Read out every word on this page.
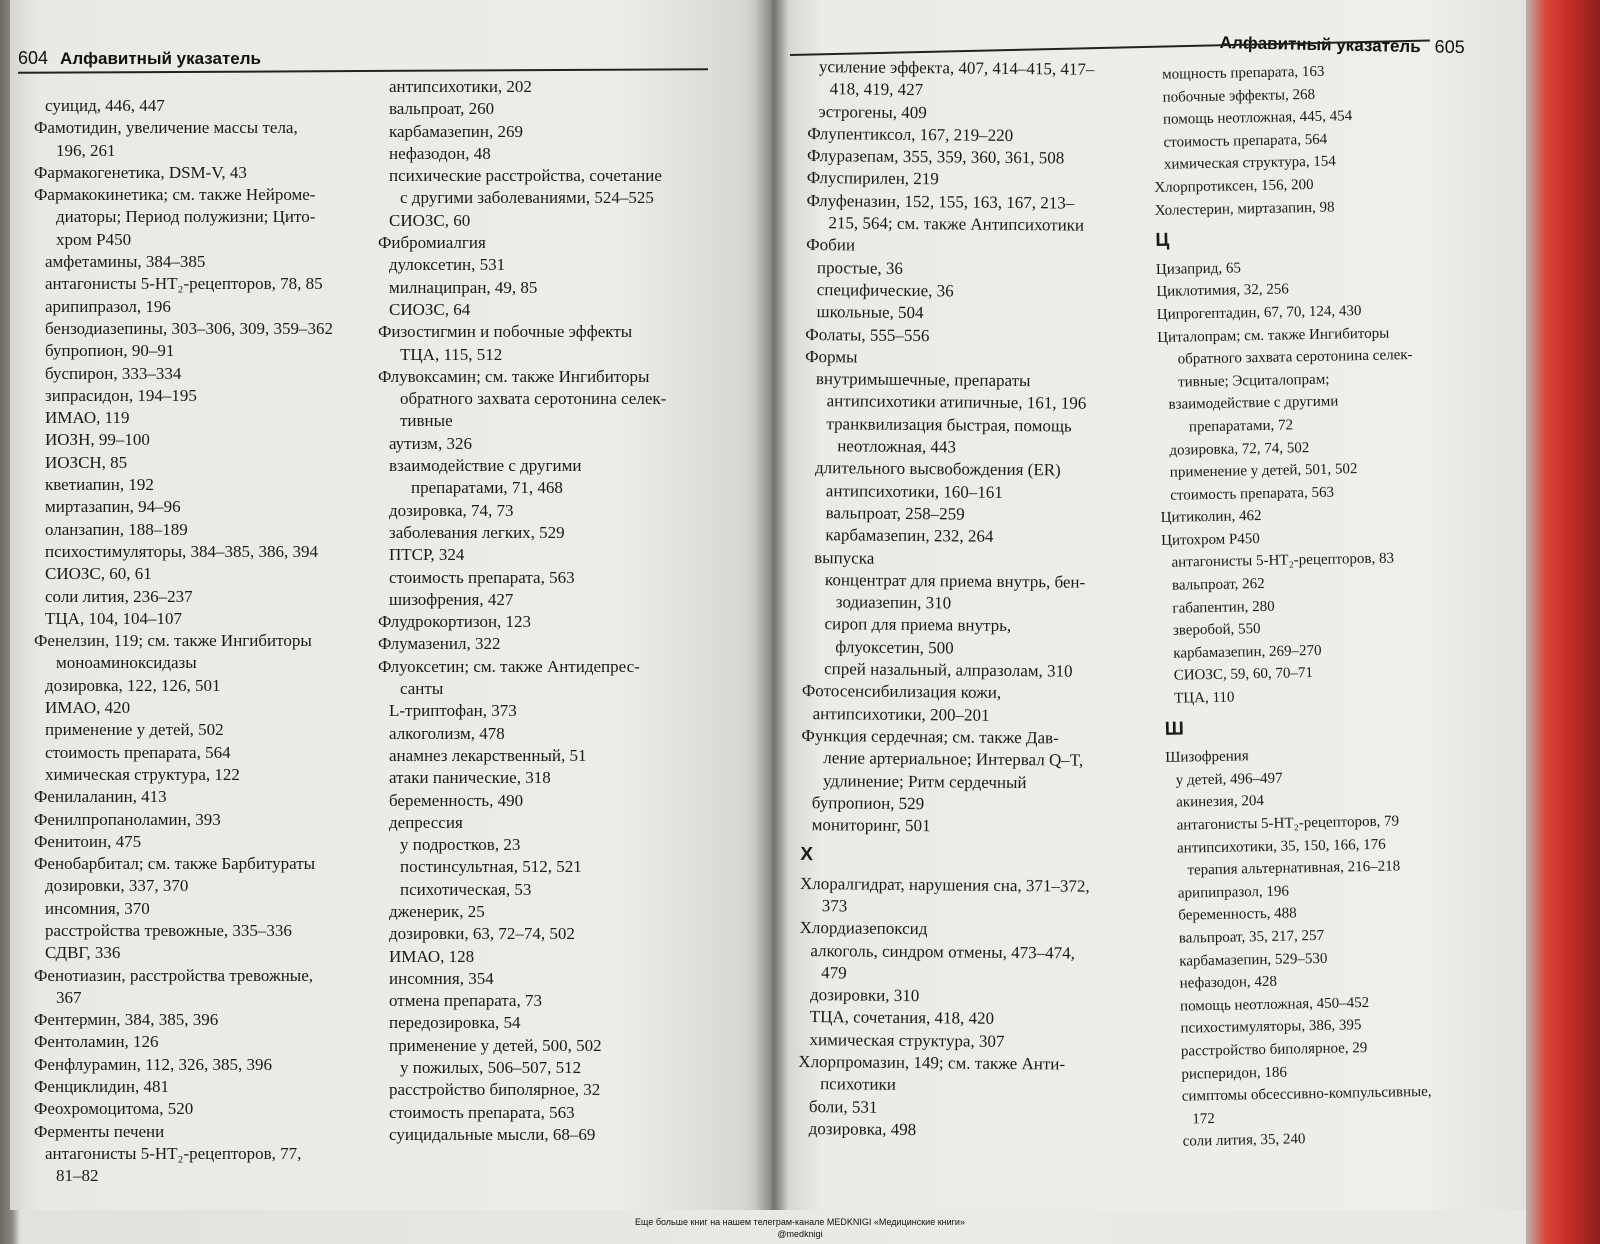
604 Алфавитный указатель
суицид, 446, 447
Фамотидин, увеличение массы тела,
196, 261
Фармакогенетика, DSM-V, 43
Фармакокинетика; см. также Нейроме-
диаторы; Период полужизни; Цито-
хром P450
амфетамины, 384–385
антагонисты 5-HT₂-рецепторов, 78, 85
арипипразол, 196
бензодиазепины, 303–306, 309, 359–362
бупропион, 90–91
буспирон, 333–334
зипрасидон, 194–195
ИМАО, 119
ИОЗН, 99–100
ИОЗСН, 85
кветиапин, 192
миртазапин, 94–96
оланзапин, 188–189
психостимуляторы, 384–385, 386, 394
СИОЗС, 60, 61
соли лития, 236–237
ТЦА, 104, 104–107
Фенелзин, 119; см. также Ингибиторы
моноаминоксидазы
дозировка, 122, 126, 501
ИМАО, 420
применение у детей, 502
стоимость препарата, 564
химическая структура, 122
Фенилаланин, 413
Фенилпропаноламин, 393
Фенитоин, 475
Фенобарбитал; см. также Барбитураты
дозировки, 337, 370
инсомния, 370
расстройства тревожные, 335–336
СДВГ, 336
Фенотиазин, расстройства тревожные,
367
Фентермин, 384, 385, 396
Фентоламин, 126
Фенфлурамин, 112, 326, 385, 396
Фенциклидин, 481
Феохромоцитома, 520
Ферменты печени
антагонисты 5-HT₂-рецепторов, 77,
81–82
антипсихотики, 202
вальпроат, 260
карбамазепин, 269
нефазодон, 48
психические расстройства, сочетание
с другими заболеваниями, 524–525
СИОЗС, 60
Фибромиалгия
дулоксетин, 531
милнаципран, 49, 85
СИОЗС, 64
Физостигмин и побочные эффекты
ТЦА, 115, 512
Флувоксамин; см. также Ингибиторы
обратного захвата серотонина селек-
тивные
аутизм, 326
взаимодействие с другими
препаратами, 71, 468
дозировка, 74, 73
заболевания легких, 529
ПТСР, 324
стоимость препарата, 563
шизофрения, 427
Флудрокортизон, 123
Флумазенил, 322
Флуоксетин; см. также Антидепрес-
санты
L-триптофан, 373
алкоголизм, 478
анамнез лекарственный, 51
атаки панические, 318
беременность, 490
депрессия
у подростков, 23
постинсультная, 512, 521
психотическая, 53
дженерик, 25
дозировки, 63, 72–74, 502
ИМАО, 128
инсомния, 354
отмена препарата, 73
передозировка, 54
применение у детей, 500, 502
у пожилых, 506–507, 512
расстройство биполярное, 32
стоимость препарата, 563
суицидальные мысли, 68–69
Алфавитный указатель 605
усиление эффекта, 407, 414–415, 417–
418, 419, 427
эстрогены, 409
Флупентиксол, 167, 219–220
Флуразепам, 355, 359, 360, 361, 508
Флуспирилен, 219
Флуфеназин, 152, 155, 163, 167, 213–
215, 564; см. также Антипсихотики
Фобии
простые, 36
специфические, 36
школьные, 504
Фолаты, 555–556
Формы
внутримышечные, препараты
антипсихотики атипичные, 161, 196
транквилизация быстрая, помощь
неотложная, 443
длительного высвобождения (ER)
антипсихотики, 160–161
вальпроат, 258–259
карбамазепин, 232, 264
выпуска
концентрат для приема внутрь, бен-
зодиазепин, 310
сироп для приема внутрь,
флуоксетин, 500
спрей назальный, алпразолам, 310
Фотосенсибилизация кожи,
антипсихотики, 200–201
Функция сердечная; см. также Дав-
ление артериальное; Интервал Q–T,
удлинение; Ритм сердечный
бупропион, 529
мониторинг, 501
Х
Хлоралгидрат, нарушения сна, 371–372,
373
Хлордиазепоксид
алкоголь, синдром отмены, 473–474,
479
дозировки, 310
ТЦА, сочетания, 418, 420
химическая структура, 307
Хлорпромазин, 149; см. также Анти-
психотики
боли, 531
дозировка, 498
мощность препарата, 163
побочные эффекты, 268
помощь неотложная, 445, 454
стоимость препарата, 564
химическая структура, 154
Хлорпротиксен, 156, 200
Холестерин, миртазапин, 98
Ц
Цизаприд, 65
Циклотимия, 32, 256
Ципрогептадин, 67, 70, 124, 430
Циталопрам; см. также Ингибиторы
обратного захвата серотонина селек-
тивные; Эсциталопрам;
взаимодействие с другими
препаратами, 72
дозировка, 72, 74, 502
применение у детей, 501, 502
стоимость препарата, 563
Цитиколин, 462
Цитохром P450
антагонисты 5-HT₂-рецепторов, 83
вальпроат, 262
габапентин, 280
зверобой, 550
карбамазепин, 269–270
СИОЗС, 59, 60, 70–71
ТЦА, 110
Ш
Шизофрения
у детей, 496–497
акинезия, 204
антагонисты 5-HT₂-рецепторов, 79
антипсихотики, 35, 150, 166, 176
терапия альтернативная, 216–218
арипипразол, 196
беременность, 488
вальпроат, 35, 217, 257
карбамазепин, 529–530
нефазодон, 428
помощь неотложная, 450–452
психостимуляторы, 386, 395
расстройство биполярное, 29
рисперидон, 186
симптомы обсессивно-компульсивные,
172
соли лития, 35, 240
Еще больше книг на нашем телеграм-канале MEDKNIGI «Медицинские книги»
@medknigi
